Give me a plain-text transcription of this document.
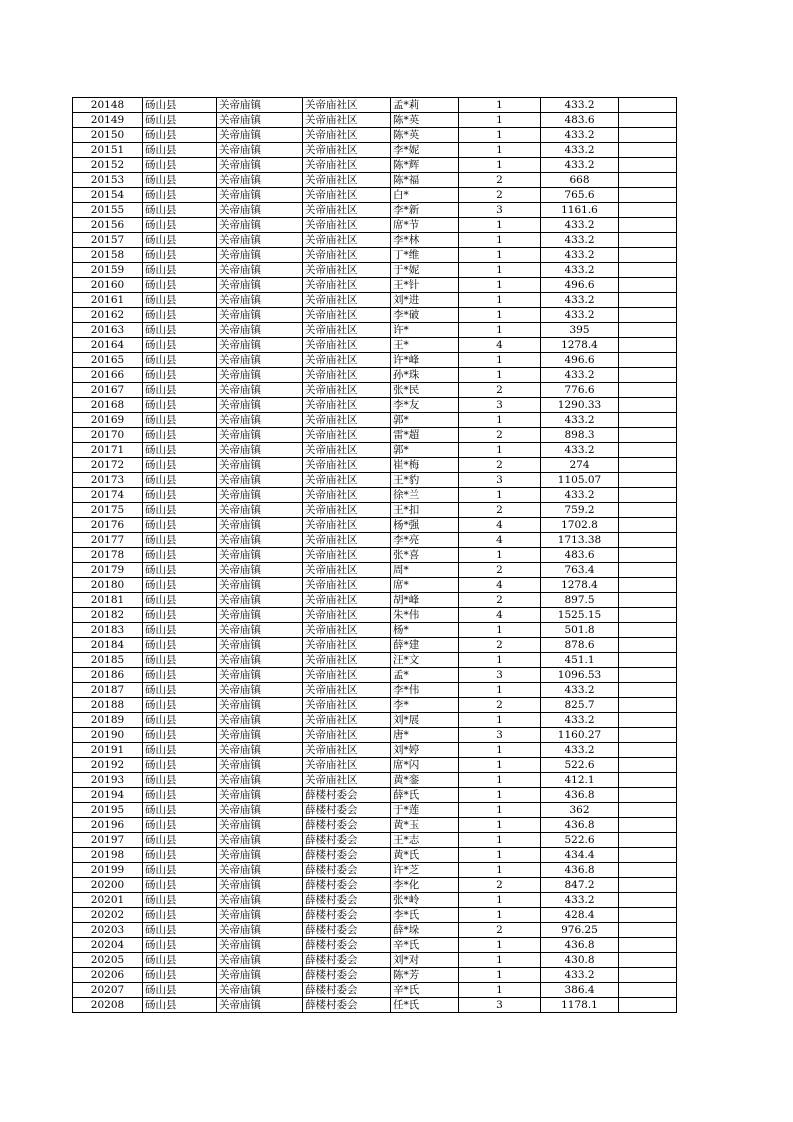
20148	砀山县	关帝庙镇	关帝庙社区	孟*莉	1	433.2	
20149	砀山县	关帝庙镇	关帝庙社区	陈*英	1	483.6	
20150	砀山县	关帝庙镇	关帝庙社区	陈*英	1	433.2	
20151	砀山县	关帝庙镇	关帝庙社区	李*妮	1	433.2	
20152	砀山县	关帝庙镇	关帝庙社区	陈*辉	1	433.2	
20153	砀山县	关帝庙镇	关帝庙社区	陈*福	2	668	
20154	砀山县	关帝庙镇	关帝庙社区	白*	2	765.6	
20155	砀山县	关帝庙镇	关帝庙社区	李*新	3	1161.6	
20156	砀山县	关帝庙镇	关帝庙社区	席*节	1	433.2	
20157	砀山县	关帝庙镇	关帝庙社区	李*林	1	433.2	
20158	砀山县	关帝庙镇	关帝庙社区	丁*维	1	433.2	
20159	砀山县	关帝庙镇	关帝庙社区	于*妮	1	433.2	
20160	砀山县	关帝庙镇	关帝庙社区	王*针	1	496.6	
20161	砀山县	关帝庙镇	关帝庙社区	刘*进	1	433.2	
20162	砀山县	关帝庙镇	关帝庙社区	李*破	1	433.2	
20163	砀山县	关帝庙镇	关帝庙社区	许*	1	395	
20164	砀山县	关帝庙镇	关帝庙社区	王*	4	1278.4	
20165	砀山县	关帝庙镇	关帝庙社区	许*峰	1	496.6	
20166	砀山县	关帝庙镇	关帝庙社区	孙*珠	1	433.2	
20167	砀山县	关帝庙镇	关帝庙社区	张*民	2	776.6	
20168	砀山县	关帝庙镇	关帝庙社区	李*友	3	1290.33	
20169	砀山县	关帝庙镇	关帝庙社区	郭*	1	433.2	
20170	砀山县	关帝庙镇	关帝庙社区	雷*超	2	898.3	
20171	砀山县	关帝庙镇	关帝庙社区	郭*	1	433.2	
20172	砀山县	关帝庙镇	关帝庙社区	崔*梅	2	274	
20173	砀山县	关帝庙镇	关帝庙社区	王*豹	3	1105.07	
20174	砀山县	关帝庙镇	关帝庙社区	徐*兰	1	433.2	
20175	砀山县	关帝庙镇	关帝庙社区	王*扣	2	759.2	
20176	砀山县	关帝庙镇	关帝庙社区	杨*强	4	1702.8	
20177	砀山县	关帝庙镇	关帝庙社区	李*亮	4	1713.38	
20178	砀山县	关帝庙镇	关帝庙社区	张*喜	1	483.6	
20179	砀山县	关帝庙镇	关帝庙社区	周*	2	763.4	
20180	砀山县	关帝庙镇	关帝庙社区	席*	4	1278.4	
20181	砀山县	关帝庙镇	关帝庙社区	胡*峰	2	897.5	
20182	砀山县	关帝庙镇	关帝庙社区	朱*伟	4	1525.15	
20183	砀山县	关帝庙镇	关帝庙社区	杨*	1	501.8	
20184	砀山县	关帝庙镇	关帝庙社区	薛*建	2	878.6	
20185	砀山县	关帝庙镇	关帝庙社区	汪*文	1	451.1	
20186	砀山县	关帝庙镇	关帝庙社区	孟*	3	1096.53	
20187	砀山县	关帝庙镇	关帝庙社区	李*伟	1	433.2	
20188	砀山县	关帝庙镇	关帝庙社区	李*	2	825.7	
20189	砀山县	关帝庙镇	关帝庙社区	刘*展	1	433.2	
20190	砀山县	关帝庙镇	关帝庙社区	唐*	3	1160.27	
20191	砀山县	关帝庙镇	关帝庙社区	刘*婷	1	433.2	
20192	砀山县	关帝庙镇	关帝庙社区	席*闪	1	522.6	
20193	砀山县	关帝庙镇	关帝庙社区	黄*銮	1	412.1	
20194	砀山县	关帝庙镇	薛楼村委会	薛*氏	1	436.8	
20195	砀山县	关帝庙镇	薛楼村委会	于*莲	1	362	
20196	砀山县	关帝庙镇	薛楼村委会	黄*玉	1	436.8	
20197	砀山县	关帝庙镇	薛楼村委会	王*志	1	522.6	
20198	砀山县	关帝庙镇	薛楼村委会	黄*氏	1	434.4	
20199	砀山县	关帝庙镇	薛楼村委会	许*芝	1	436.8	
20200	砀山县	关帝庙镇	薛楼村委会	李*化	2	847.2	
20201	砀山县	关帝庙镇	薛楼村委会	张*岭	1	433.2	
20202	砀山县	关帝庙镇	薛楼村委会	李*氏	1	428.4	
20203	砀山县	关帝庙镇	薛楼村委会	薛*垛	2	976.25	
20204	砀山县	关帝庙镇	薛楼村委会	辛*氏	1	436.8	
20205	砀山县	关帝庙镇	薛楼村委会	刘*对	1	430.8	
20206	砀山县	关帝庙镇	薛楼村委会	陈*芳	1	433.2	
20207	砀山县	关帝庙镇	薛楼村委会	辛*氏	1	386.4	
20208	砀山县	关帝庙镇	薛楼村委会	任*氏	3	1178.1	
